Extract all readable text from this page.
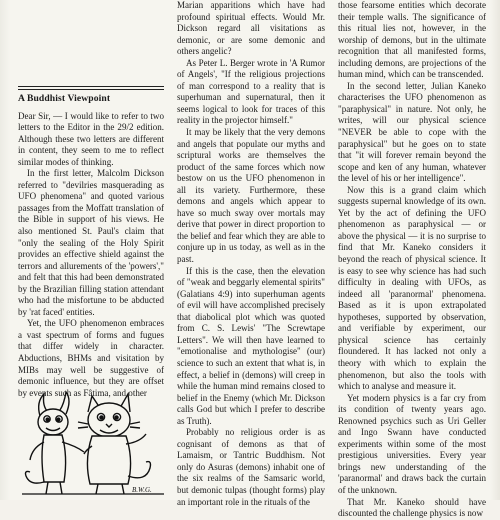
A Buddhist Viewpoint

Dear Sir, — I would like to refer to two letters to the Editor in the 29/2 edition. Although these two letters are different in content, they seem to me to reflect similar modes of thinking.

In the first letter, Malcolm Dickson referred to "devilries masquerading as UFO phenomena" and quoted various passages from the Moffatt translation of the Bible in support of his views. He also mentioned St. Paul's claim that "only the sealing of the Holy Spirit provides an effective shield against the terrors and allurements of the 'powers'," and felt that this had been demonstrated by the Brazilian filling station attendant who had the misfortune to be abducted by 'rat faced' entities.

Yet, the UFO phenomenon embraces a vast spectrum of forms and fugues that differ widely in character. Abductions, BHMs and visitation by MIBs may well be suggestive of demonic influence, but they are offset by events such as Fâtima, and other

Marian apparitions which have had profound spiritual effects. Would Mr. Dickson regard all visitations as demonic, or are some demonic and others angelic?

As Peter L. Berger wrote in 'A Rumor of Angels', "If the religious projections of man correspond to a reality that is superhuman and supernatural, then it seems logical to look for traces of this reality in the projector himself."

It may be likely that the very demons and angels that populate our myths and scriptural works are themselves the product of the same forces which now bestow on us the UFO phenomenon in all its variety. Furthermore, these demons and angels which appear to have so much sway over mortals may derive that power in direct proportion to the belief and fear which they are able to conjure up in us today, as well as in the past.

If this is the case, then the elevation of "weak and beggarly elemental spirits" (Galatians 4:9) into superhuman agents of evil will have accomplished precisely that diabolical plot which was quoted from C. S. Lewis' "The Screwtape Letters". We will then have learned to "emotionalise and mythologise" (our) science to such an extent that what is, in effect, a belief in (demons) will creep in while the human mind remains closed to belief in the Enemy (which Mr. Dickson calls God but which I prefer to describe as Truth).

Probably no religious order is as cognisant of demons as that of Lamaism, or Tantric Buddhism. Not only do Asuras (demons) inhabit one of the six realms of the Samsaric world, but demonic tulpas (thought forms) play an important role in the rituals of the

those fearsome entities which decorate their temple walls. The significance of this ritual lies not, however, in the worship of demons, but in the ultimate recognition that all manifested forms, including demons, are projections of the human mind, which can be transcended.

In the second letter, Julian Kaneko characterises the UFO phenomenon as "paraphysical" in nature. Not only, he writes, will our physical science "NEVER be able to cope with the paraphysical" but he goes on to state that "it will forever remain beyond the scope and ken of any human, whatever the level of his or her intelligence".

Now this is a grand claim which suggests supernal knowledge of its own. Yet by the act of defining the UFO phenomenon as paraphysical — or above the physical — it is no surprise to find that Mr. Kaneko considers it beyond the reach of physical science. It is easy to see why science has had such difficulty in dealing with UFOs, as indeed all 'paranormal' phenomena. Based as it is upon extrapolated hypotheses, supported by observation, and verifiable by experiment, our physical science has certainly floundered. It has lacked not only a theory with which to explain the phenomenon, but also the tools with which to analyse and measure it.

Yet modern physics is a far cry from its condition of twenty years ago. Renowned psychics such as Uri Geller and Ingo Swann have conducted experiments within some of the most prestigious universities. Every year brings new understanding of the 'paranormal' and draws back the curtain of the unknown.

That Mr. Kaneko should have discounted the challenge physics is now

B.W.G.
